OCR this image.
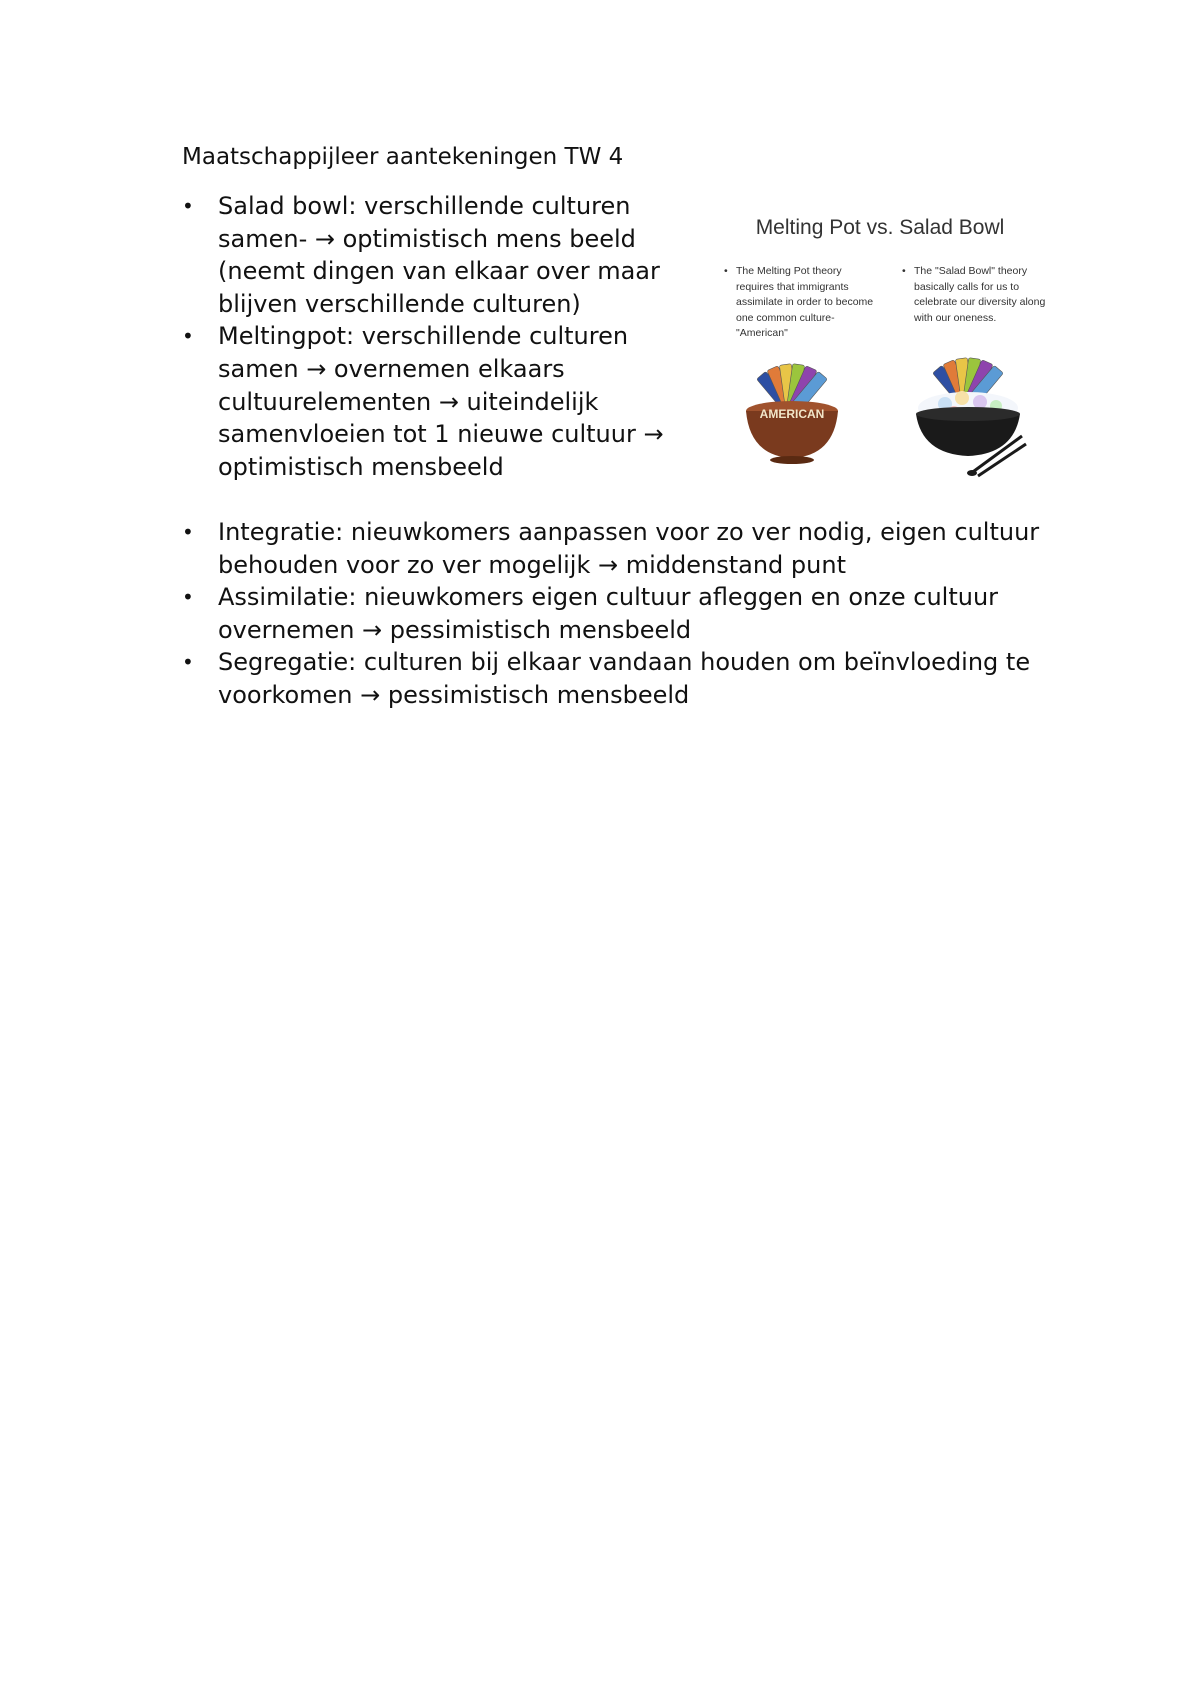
Maatschappijleer aantekeningen TW 4
•	Salad bowl: verschillende culturen samen- → optimistisch mens beeld (neemt dingen van elkaar over maar blijven verschillende culturen)
•	Meltingpot: verschillende culturen samen → overnemen elkaars cultuurelementen → uiteindelijk samenvloeien tot 1 nieuwe cultuur → optimistisch mensbeeld
Melting Pot vs. Salad Bowl
• The Melting Pot theory requires that immigrants assimilate in order to become one common culture-"American"
• The "Salad Bowl" theory basically calls for us to celebrate our diversity along with our oneness.
AMERICAN
•	Integratie: nieuwkomers aanpassen voor zo ver nodig, eigen cultuur behouden voor zo ver mogelijk → middenstand punt
•	Assimilatie: nieuwkomers eigen cultuur afleggen en onze cultuur overnemen → pessimistisch mensbeeld
•	Segregatie: culturen bij elkaar vandaan houden om beïnvloeding te voorkomen → pessimistisch mensbeeld
